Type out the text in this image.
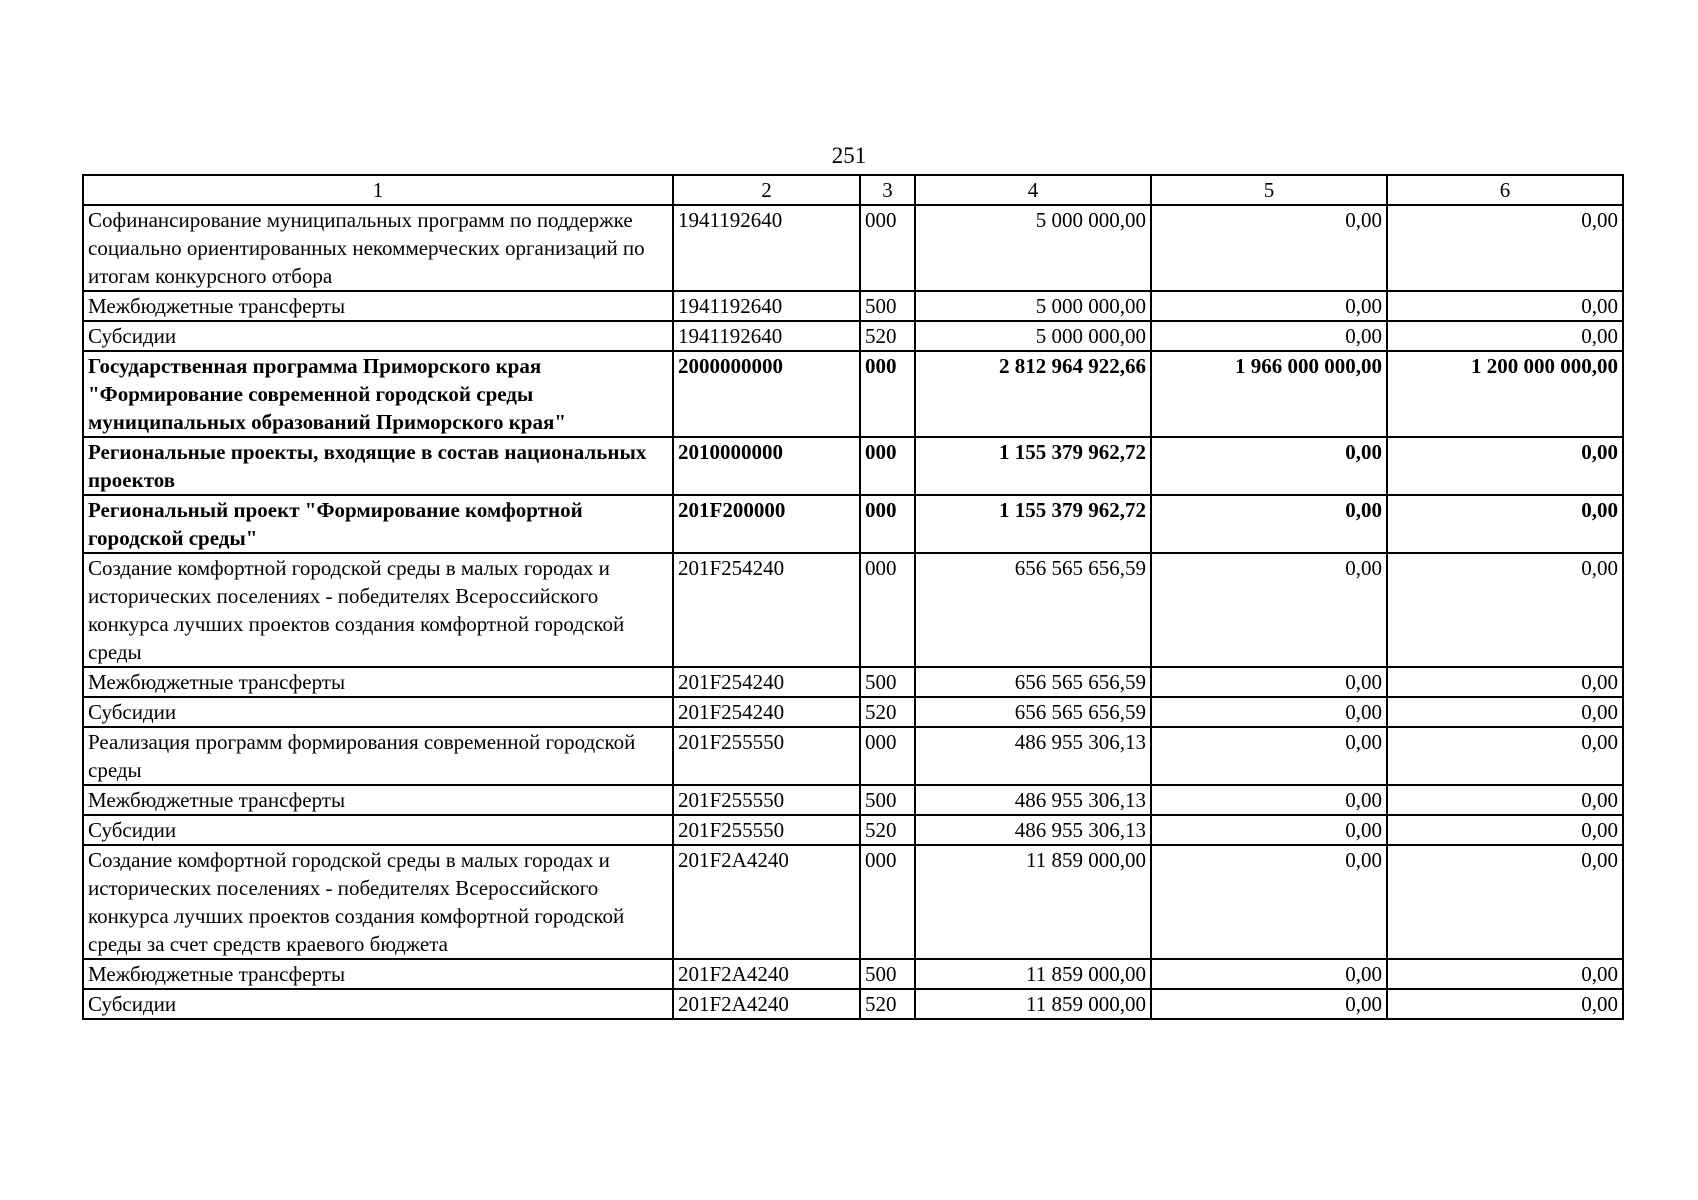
251
1	2	3	4	5	6
Софинансирование муниципальных программ по поддержке социально ориентированных некоммерческих организаций по итогам конкурсного отбора	1941192640	000	5 000 000,00	0,00	0,00
Межбюджетные трансферты	1941192640	500	5 000 000,00	0,00	0,00
Субсидии	1941192640	520	5 000 000,00	0,00	0,00
Государственная программа Приморского края "Формирование современной городской среды муниципальных образований Приморского края"	2000000000	000	2 812 964 922,66	1 966 000 000,00	1 200 000 000,00
Региональные проекты, входящие в состав национальных проектов	2010000000	000	1 155 379 962,72	0,00	0,00
Региональный проект "Формирование комфортной городской среды"	201F200000	000	1 155 379 962,72	0,00	0,00
Создание комфортной городской среды в малых городах и исторических поселениях - победителях Всероссийского конкурса лучших проектов создания комфортной городской среды	201F254240	000	656 565 656,59	0,00	0,00
Межбюджетные трансферты	201F254240	500	656 565 656,59	0,00	0,00
Субсидии	201F254240	520	656 565 656,59	0,00	0,00
Реализация программ формирования современной городской среды	201F255550	000	486 955 306,13	0,00	0,00
Межбюджетные трансферты	201F255550	500	486 955 306,13	0,00	0,00
Субсидии	201F255550	520	486 955 306,13	0,00	0,00
Создание комфортной городской среды в малых городах и исторических поселениях - победителях Всероссийского конкурса лучших проектов создания комфортной городской среды за счет средств краевого бюджета	201F2A4240	000	11 859 000,00	0,00	0,00
Межбюджетные трансферты	201F2A4240	500	11 859 000,00	0,00	0,00
Субсидии	201F2A4240	520	11 859 000,00	0,00	0,00
